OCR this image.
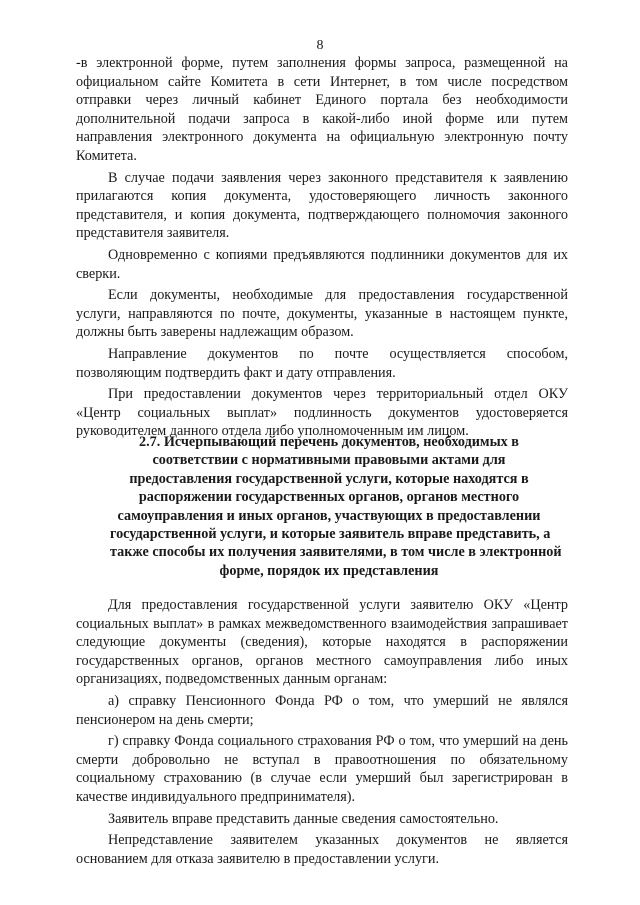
8

-в электронной форме, путем заполнения формы запроса, размещенной на официальном сайте Комитета в сети Интернет, в том числе посредством отправки через личный кабинет Единого портала без необходимости дополнительной подачи запроса в какой-либо иной форме или путем направления электронного документа на официальную электронную почту Комитета.

В случае подачи заявления через законного представителя к заявлению прилагаются копия документа, удостоверяющего личность законного представителя, и копия документа, подтверждающего полномочия законного представителя заявителя.

Одновременно с копиями предъявляются подлинники документов для их сверки.

Если документы, необходимые для предоставления государственной услуги, направляются по почте, документы, указанные в настоящем пункте, должны быть заверены надлежащим образом.

Направление документов по почте осуществляется способом, позволяющим подтвердить факт и дату отправления.

При предоставлении документов через территориальный отдел ОКУ «Центр социальных выплат» подлинность документов удостоверяется руководителем данного отдела либо уполномоченным им лицом.

2.7. Исчерпывающий перечень документов, необходимых в
соответствии с нормативными правовыми актами для
предоставления государственной услуги, которые находятся в
распоряжении государственных органов, органов местного
самоуправления и иных органов, участвующих в предоставлении
государственной услуги, и которые заявитель вправе представить, а
также способы их получения заявителями, в том числе в электронной
форме, порядок их представления

Для предоставления государственной услуги заявителю ОКУ «Центр социальных выплат» в рамках межведомственного взаимодействия запрашивает следующие документы (сведения), которые находятся в распоряжении государственных органов, органов местного самоуправления либо иных организациях, подведомственных данным органам:

а) справку Пенсионного Фонда РФ о том, что умерший не являлся пенсионером на день смерти;

г) справку Фонда социального страхования РФ о том, что умерший на день смерти добровольно не вступал в правоотношения по обязательному социальному страхованию (в случае если умерший был зарегистрирован в качестве индивидуального предпринимателя).

Заявитель вправе представить данные сведения самостоятельно.

Непредставление заявителем указанных документов не является основанием для отказа заявителю в предоставлении услуги.
